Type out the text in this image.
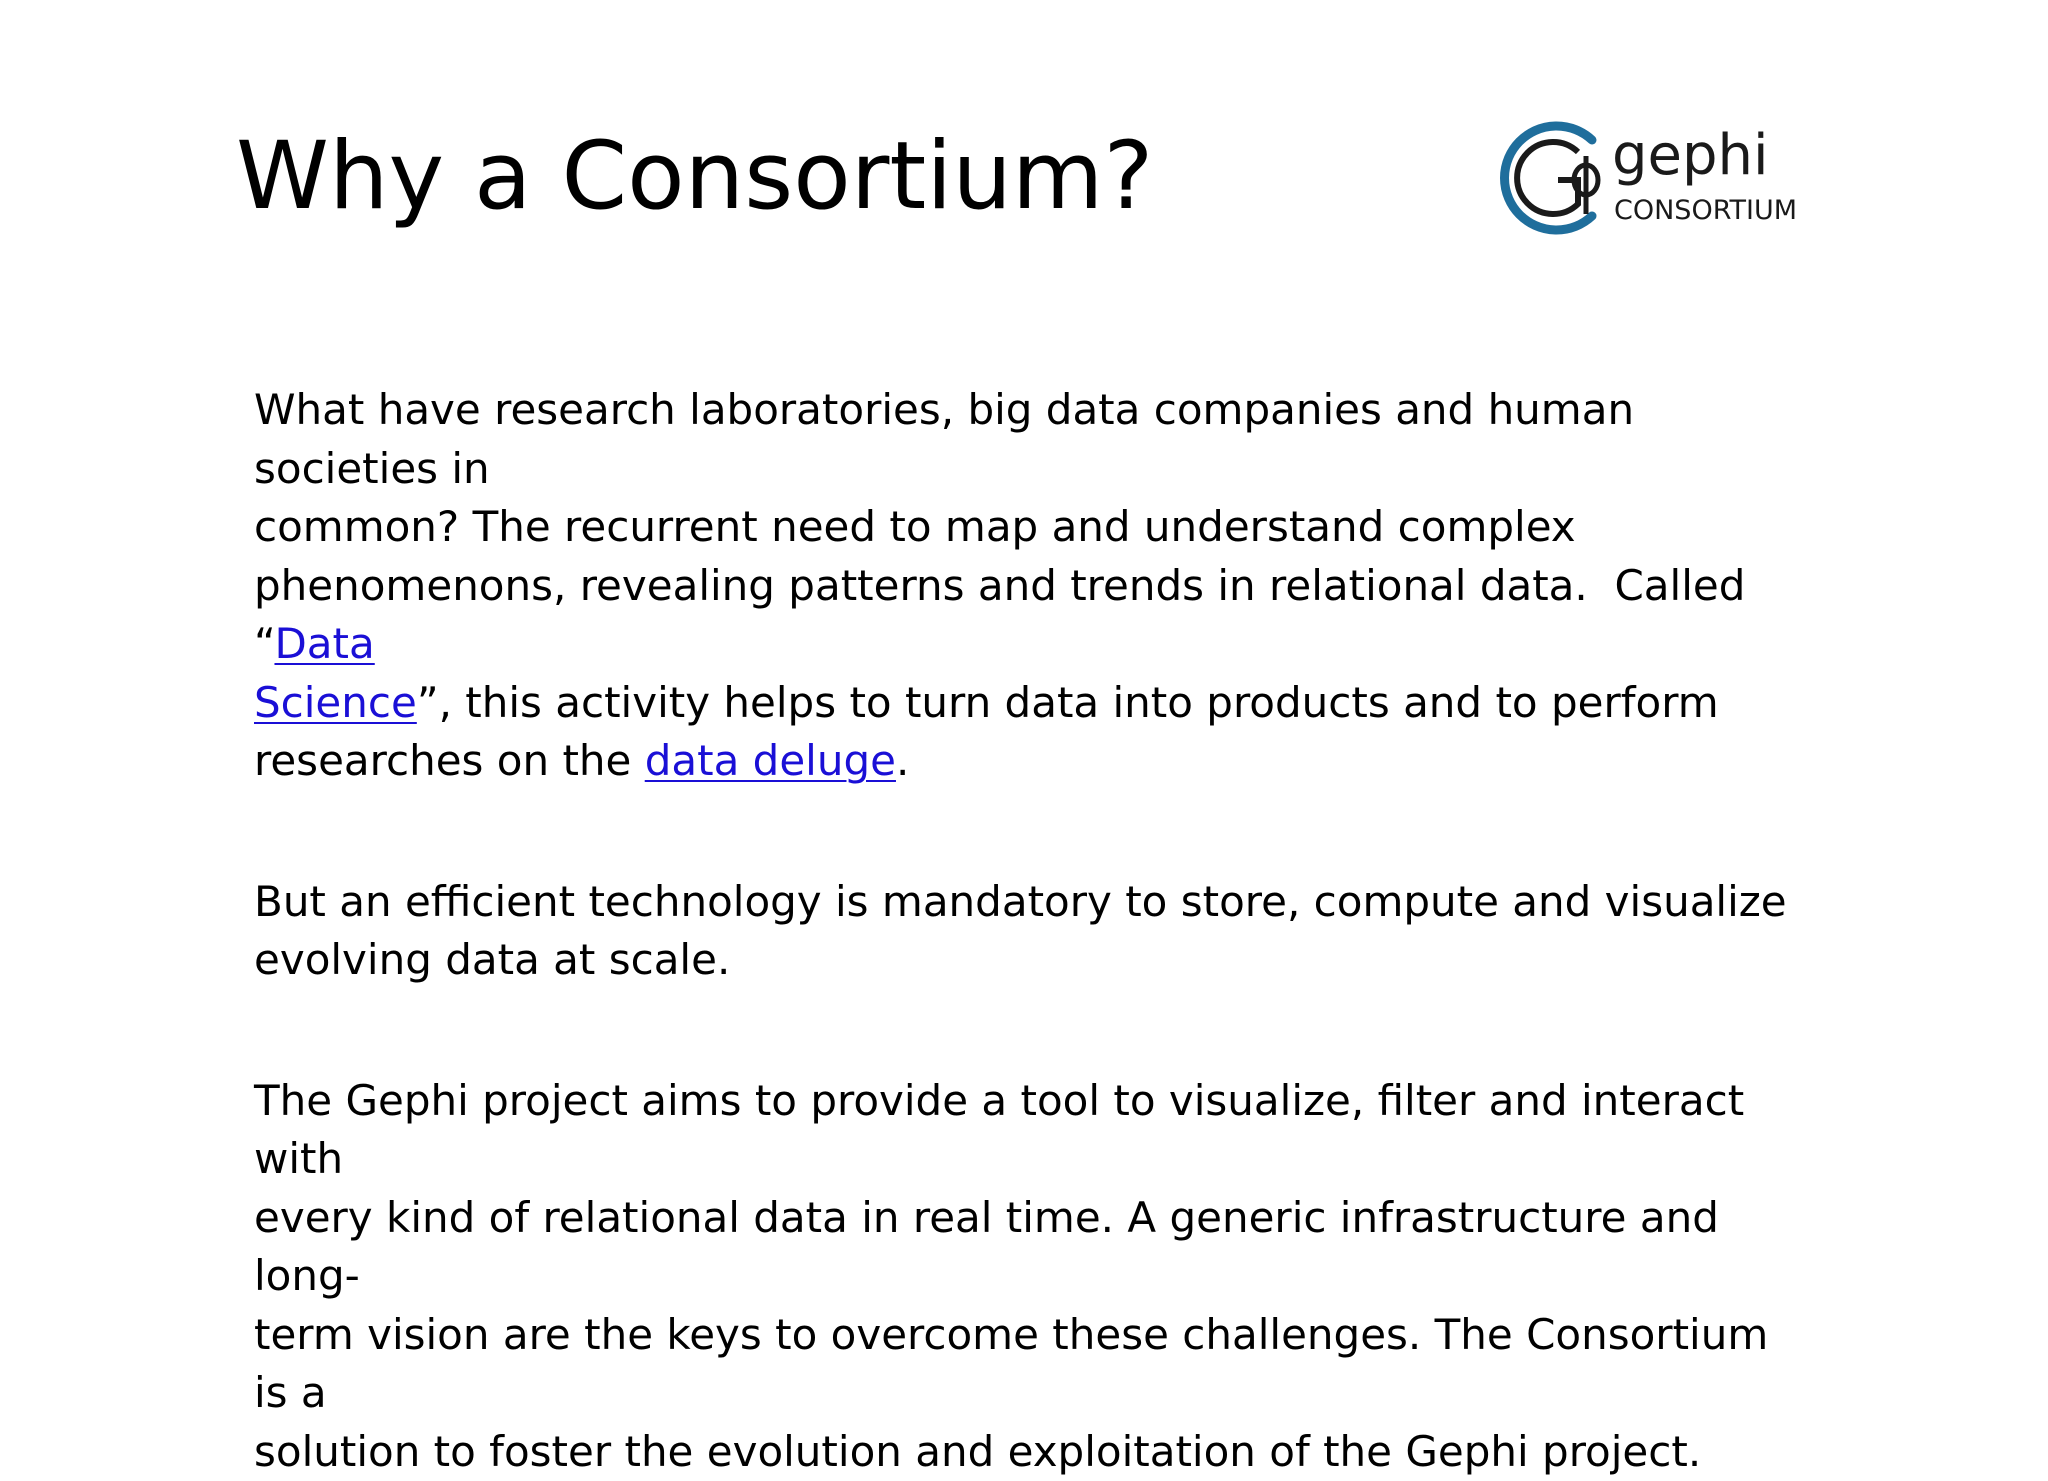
Why a Consortium?	gephi
CONSORTIUM

What have research laboratories, big data companies and human societies in
common? The recurrent need to map and understand complex
phenomenons, revealing patterns and trends in relational data.  Called “Data
Science”, this activity helps to turn data into products and to perform
researches on the data deluge.

But an efficient technology is mandatory to store, compute and visualize
evolving data at scale.

The Gephi project aims to provide a tool to visualize, filter and interact with
every kind of relational data in real time. A generic infrastructure and long-
term vision are the keys to overcome these challenges. The Consortium is a
solution to foster the evolution and exploitation of the Gephi project.
